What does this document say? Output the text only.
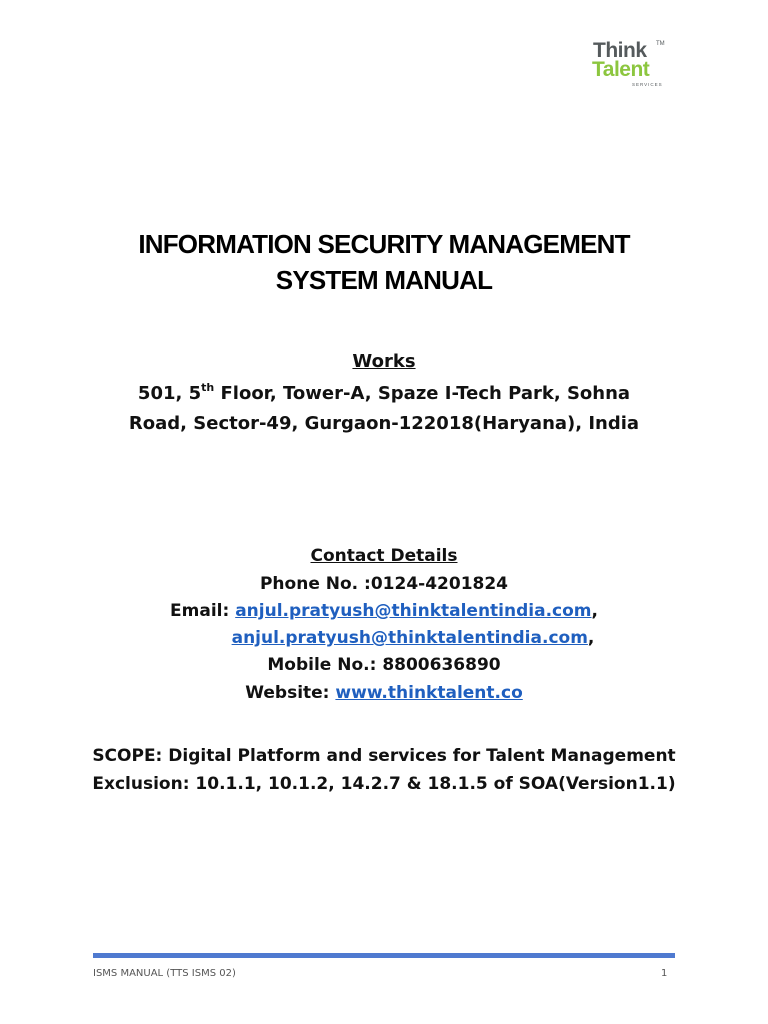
Think TM
Talent
SERVICES
INFORMATION SECURITY MANAGEMENT
SYSTEM MANUAL
Works
501, 5th Floor, Tower-A, Spaze I-Tech Park, Sohna
Road, Sector-49, Gurgaon-122018(Haryana), India
Contact Details
Phone No. :0124-4201824
Email: anjul.pratyush@thinktalentindia.com,
anjul.pratyush@thinktalentindia.com,
Mobile No.: 8800636890
Website: www.thinktalent.co
SCOPE: Digital Platform and services for Talent Management
Exclusion: 10.1.1, 10.1.2, 14.2.7 & 18.1.5 of SOA(Version1.1)
ISMS MANUAL (TTS ISMS 02)	1
